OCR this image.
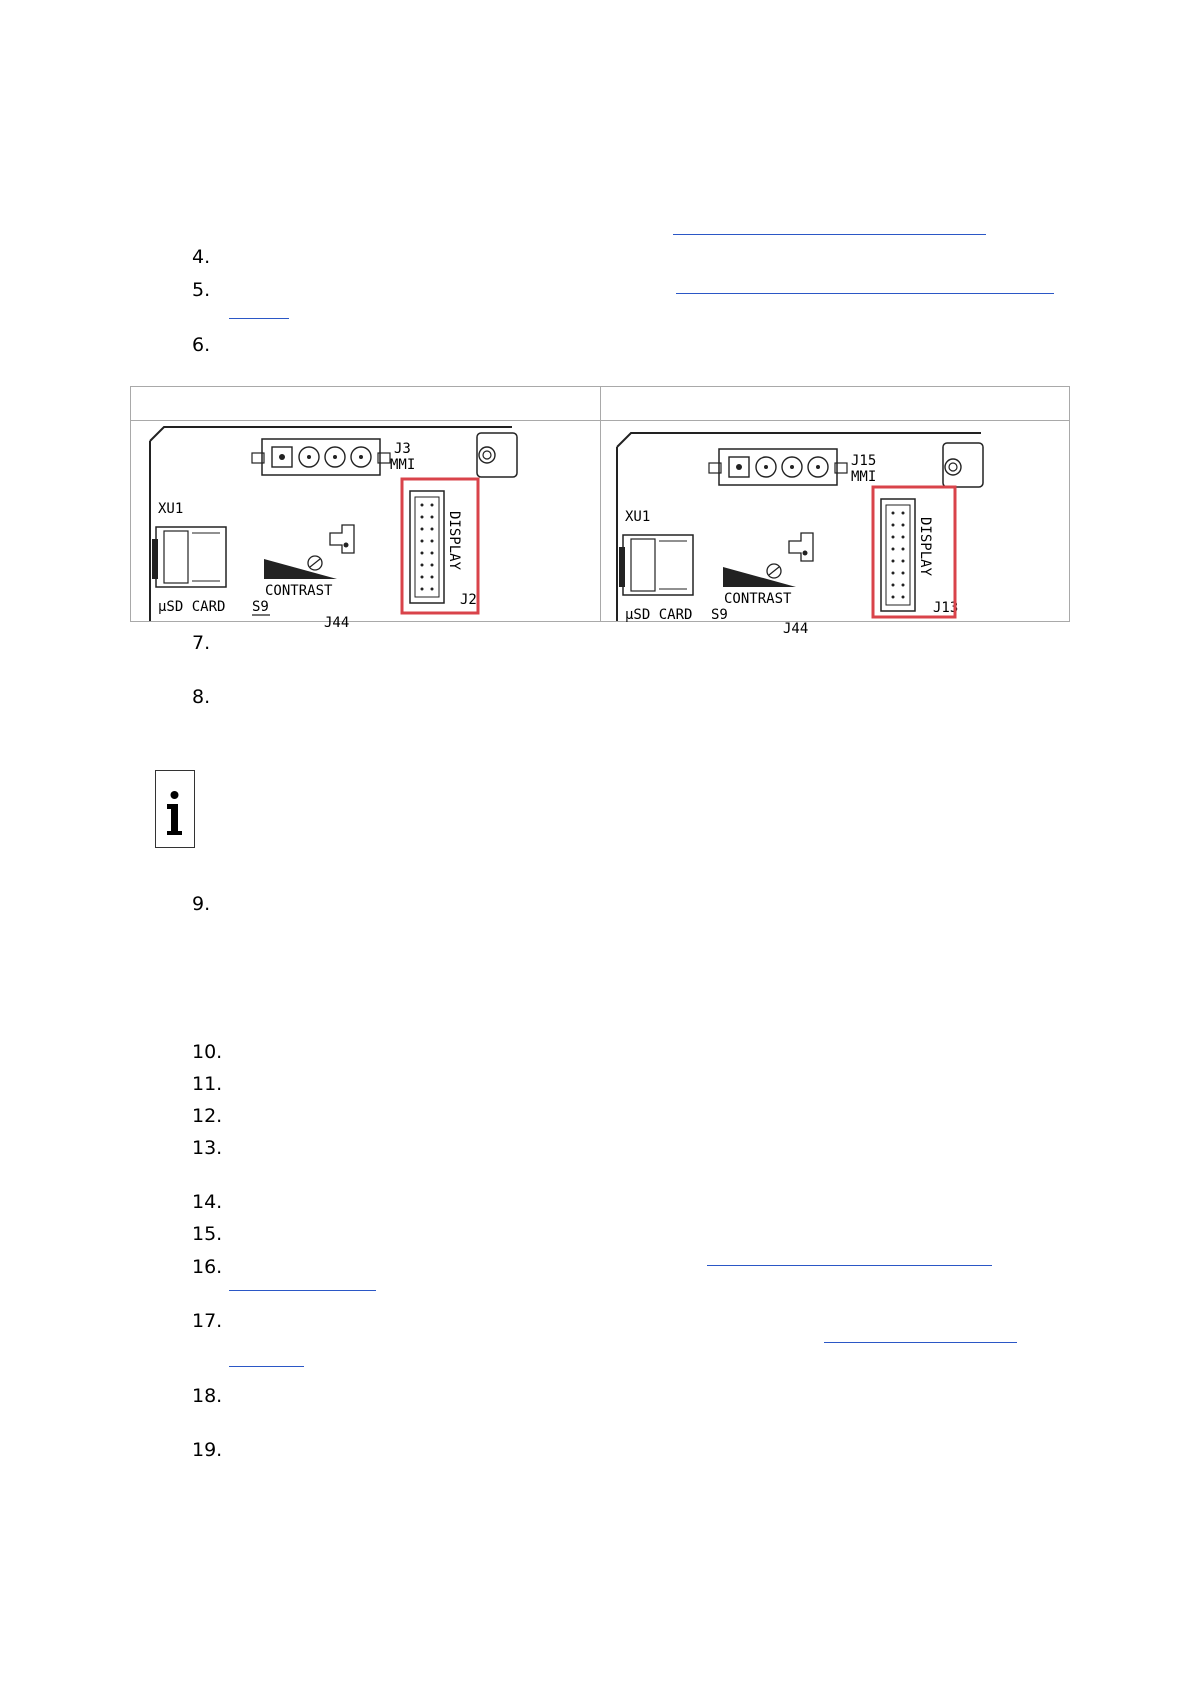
4.
5.
6.
7.
8.
9.
10.
11.
12.
13.
14.
15.
16.
17.
18.
19.
J3
MMI
XU1
µSD CARD
CONTRAST
S9
J44
DISPLAY
J2
J15
MMI
XU1
µSD CARD
CONTRAST
S9
J44
DISPLAY
J13
